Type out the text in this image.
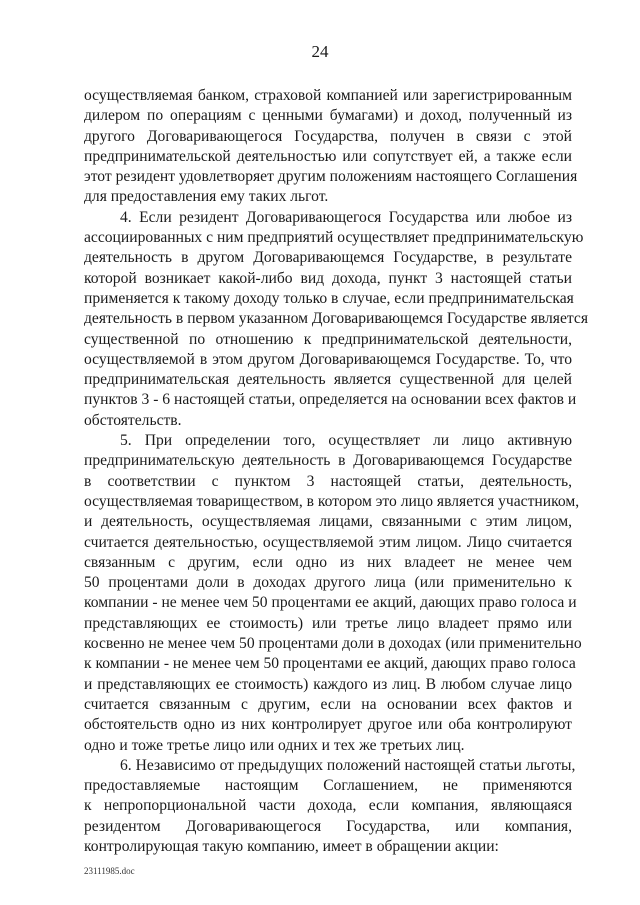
24
осуществляемая банком, страховой компанией или зарегистрированным
дилером по операциям с ценными бумагами) и доход, полученный из
другого Договаривающегося Государства, получен в связи с этой
предпринимательской деятельностью или сопутствует ей, а также если
этот резидент удовлетворяет другим положениям настоящего Соглашения
для предоставления ему таких льгот.
4. Если резидент Договаривающегося Государства или любое из
ассоциированных с ним предприятий осуществляет предпринимательскую
деятельность в другом Договаривающемся Государстве, в результате
которой возникает какой-либо вид дохода, пункт 3 настоящей статьи
применяется к такому доходу только в случае, если предпринимательская
деятельность в первом указанном Договаривающемся Государстве является
существенной по отношению к предпринимательской деятельности,
осуществляемой в этом другом Договаривающемся Государстве. То, что
предпринимательская деятельность является существенной для целей
пунктов 3 - 6 настоящей статьи, определяется на основании всех фактов и
обстоятельств.
5. При определении того, осуществляет ли лицо активную
предпринимательскую деятельность в Договаривающемся Государстве
в соответствии с пунктом 3 настоящей статьи, деятельность,
осуществляемая товариществом, в котором это лицо является участником,
и деятельность, осуществляемая лицами, связанными с этим лицом,
считается деятельностью, осуществляемой этим лицом. Лицо считается
связанным с другим, если одно из них владеет не менее чем
50 процентами доли в доходах другого лица (или применительно к
компании - не менее чем 50 процентами ее акций, дающих право голоса и
представляющих ее стоимость) или третье лицо владеет прямо или
косвенно не менее чем 50 процентами доли в доходах (или применительно
к компании - не менее чем 50 процентами ее акций, дающих право голоса
и представляющих ее стоимость) каждого из лиц. В любом случае лицо
считается связанным с другим, если на основании всех фактов и
обстоятельств одно из них контролирует другое или оба контролируют
одно и тоже третье лицо или одних и тех же третьих лиц.
6. Независимо от предыдущих положений настоящей статьи льготы,
предоставляемые настоящим Соглашением, не применяются
к непропорциональной части дохода, если компания, являющаяся
резидентом Договаривающегося Государства, или компания,
контролирующая такую компанию, имеет в обращении акции:
23111985.doc
